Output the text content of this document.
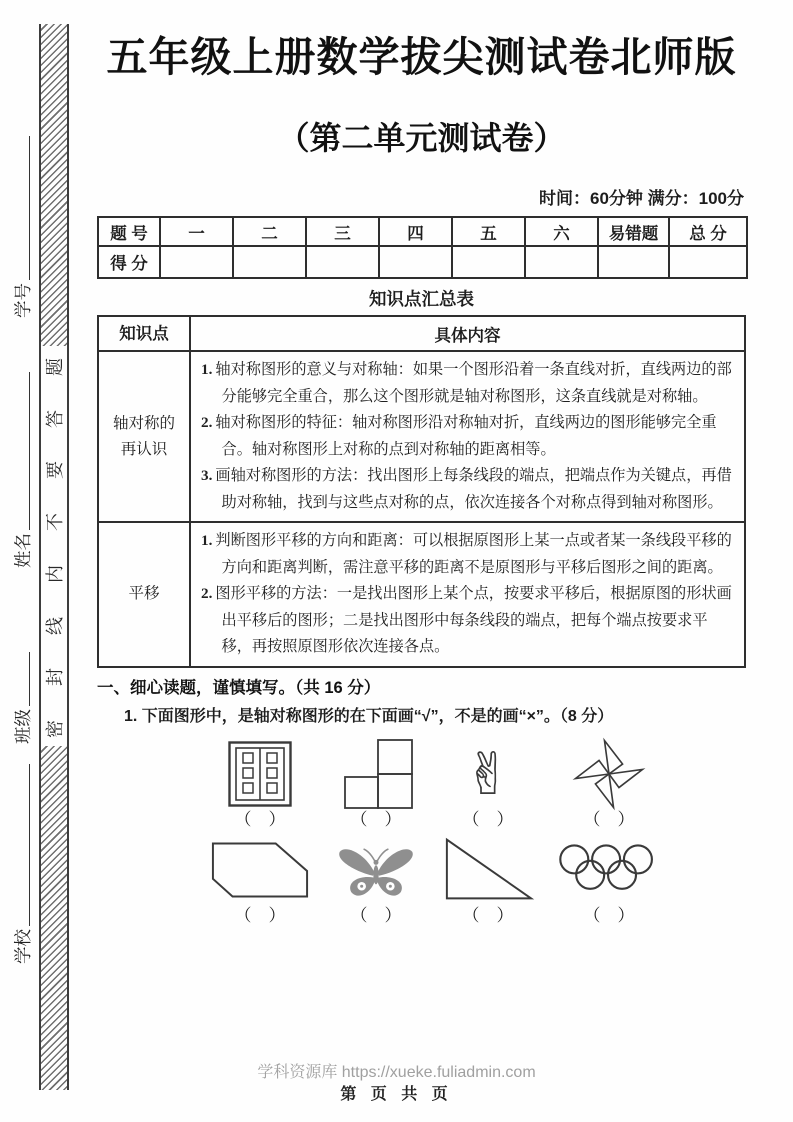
题
答
要
不
内
线
封
密
学号
姓名
班级
学校
五年级上册数学拔尖测试卷北师版
（第二单元测试卷）
时间：60分钟 满分：100分
题 号	一	二	三	四	五	六	易错题	总 分
得 分								
知识点汇总表
知识点	具体内容

轴对称的
再认识

1. 轴对称图形的意义与对称轴：如果一个图形沿着一条直线对折，直线两边的部分能够完全重合，那么这个图形就是轴对称图形，这条直线就是对称轴。
2. 轴对称图形的特征：轴对称图形沿对称轴对折，直线两边的图形能够完全重合。轴对称图形上对称的点到对称轴的距离相等。
3. 画轴对称图形的方法：找出图形上每条线段的端点，把端点作为关键点，再借助对称轴，找到与这些点对称的点，依次连接各个对称点得到轴对称图形。

平移	1. 判断图形平移的方向和距离：可以根据原图形上某一点或者某一条线段平移的方向和距离判断，需注意平移的距离不是原图形与平移后图形之间的距离。
2. 图形平移的方法：一是找出图形上某个点，按要求平移后，根据原图的形状画出平移后的图形；二是找出图形中每条线段的端点，把每个端点按要求平移，再按照原图形依次连接各点。
一、细心读题，谨慎填写。（共 16 分）
1. 下面图形中，是轴对称图形的在下面画“√”，不是的画“×”。（8 分）
（　）	（　）
✌
（　）	（　）
（　）	（　）	（　）	（　）
学科资源库 https://xueke.fuliadmin.com
第 页 共 页
